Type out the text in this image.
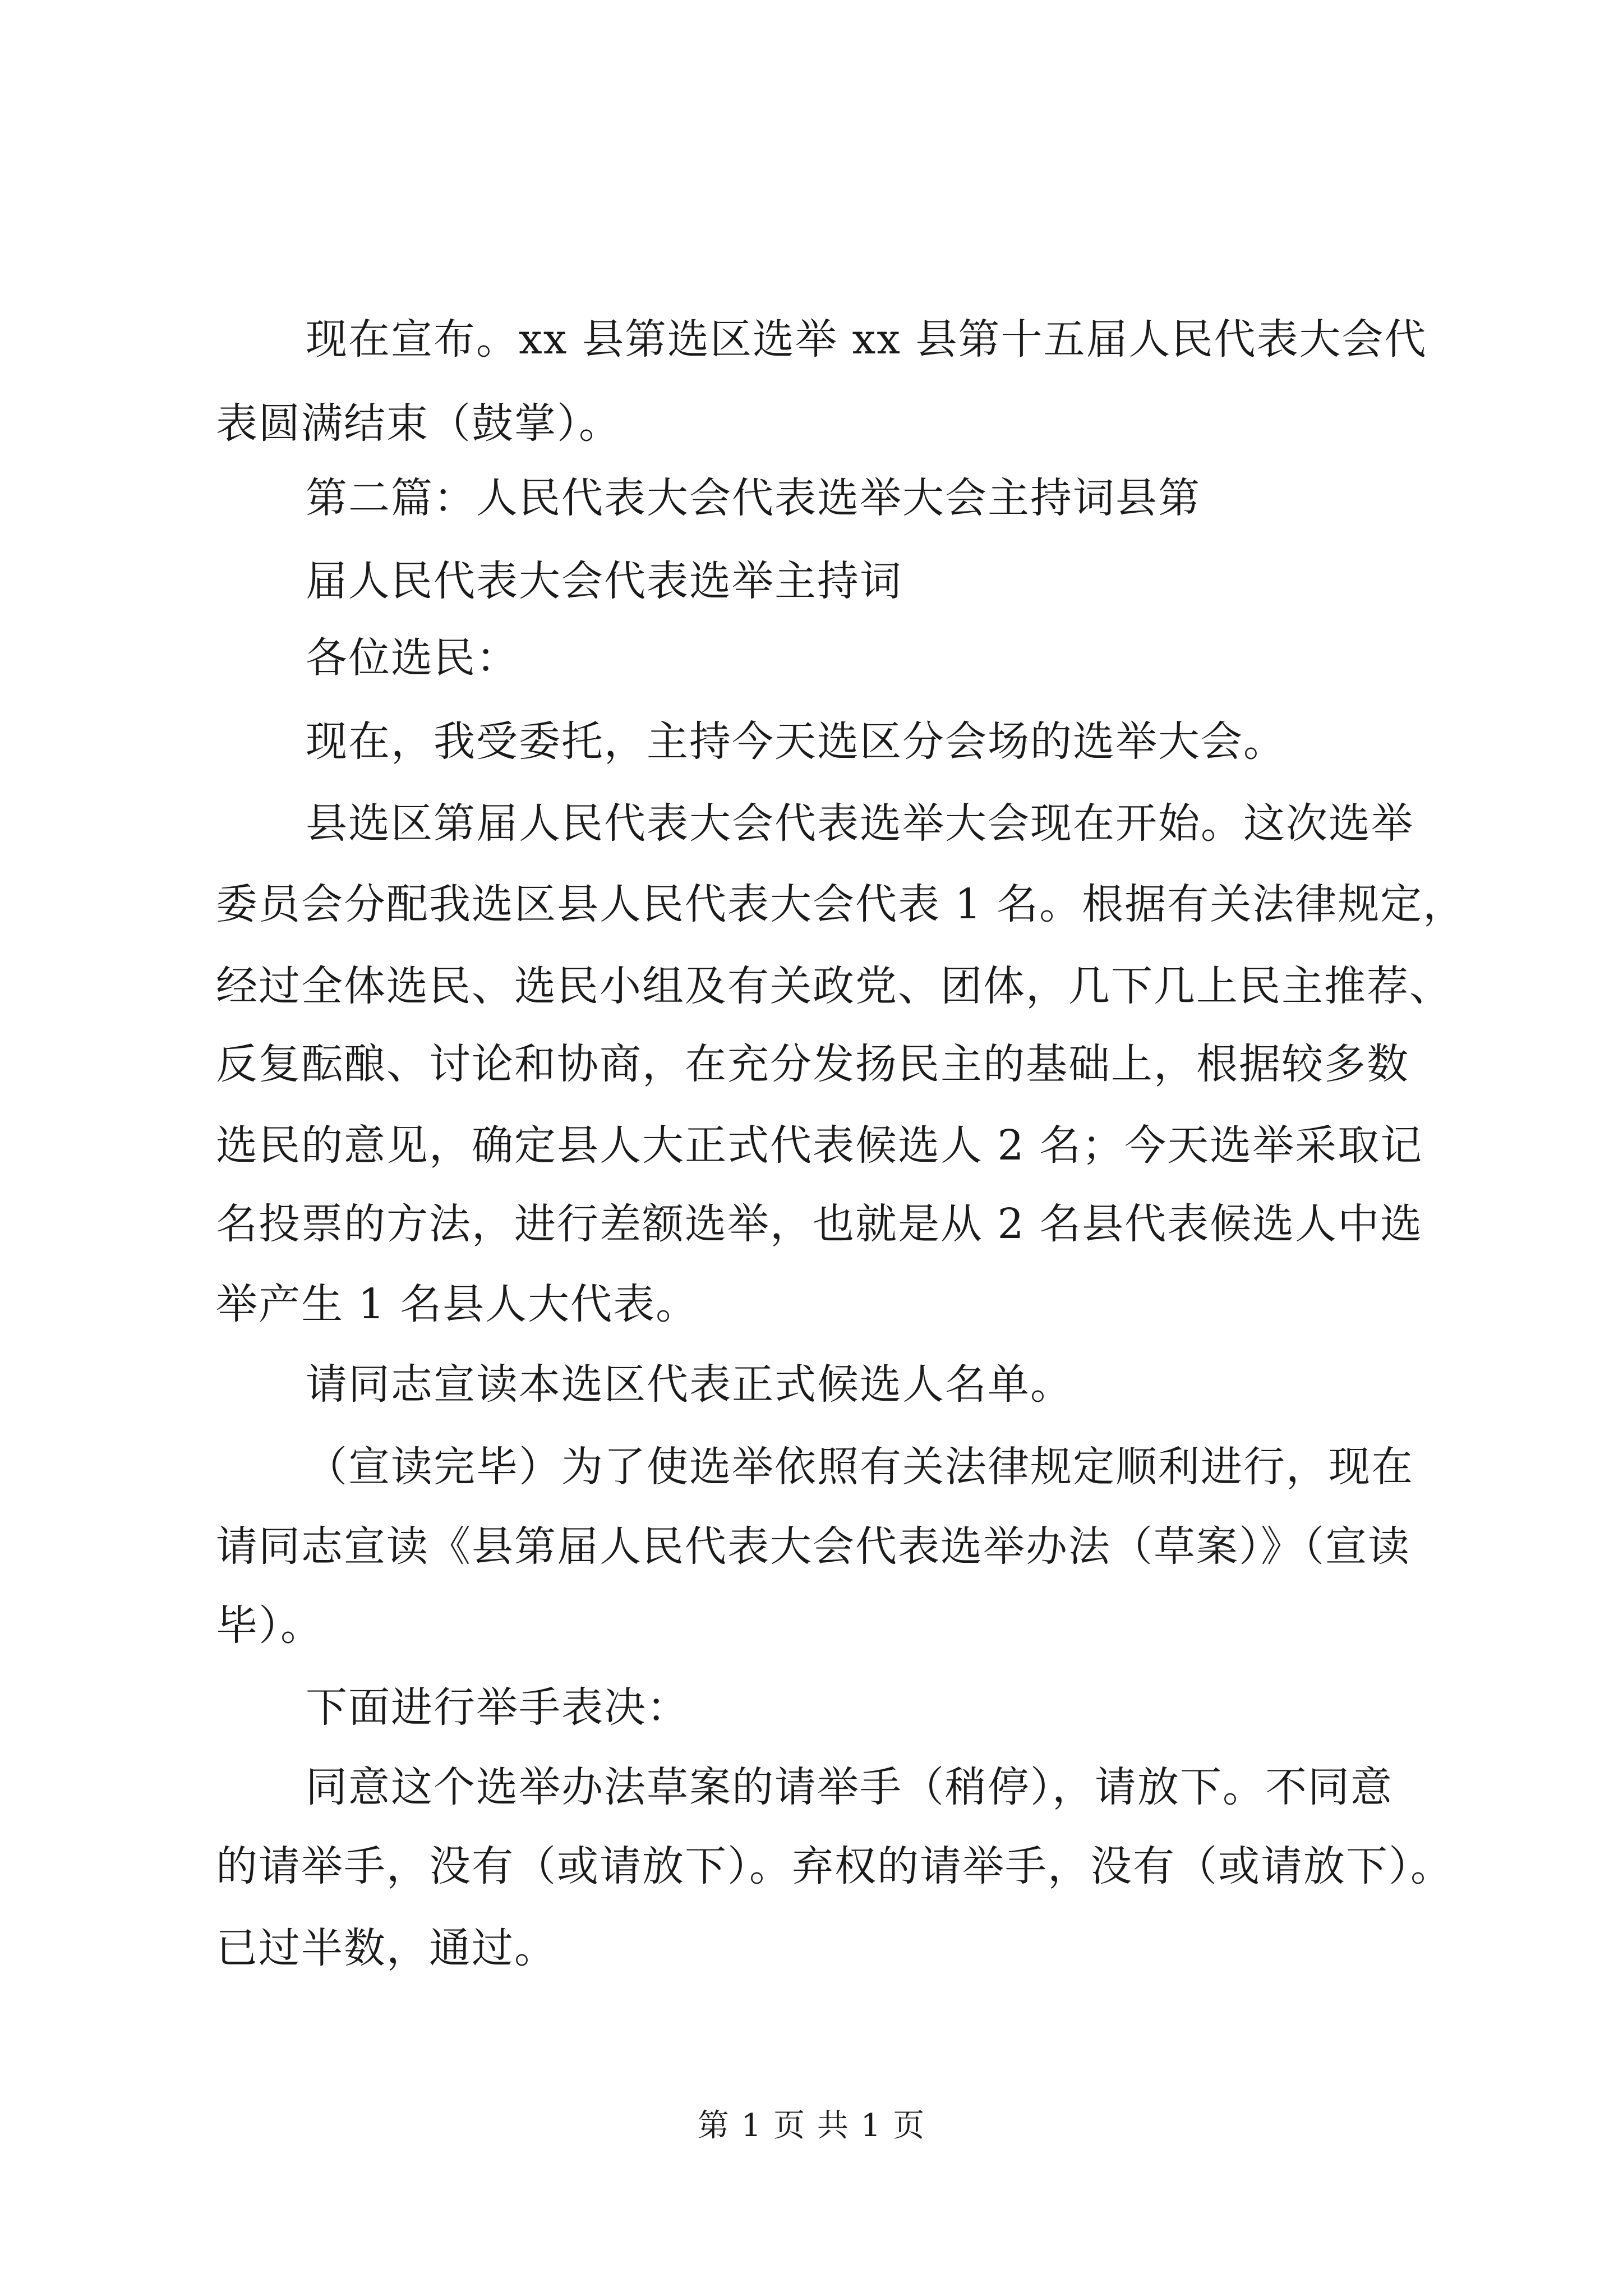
现在宣布。xx 县第选区选举 xx 县第十五届人民代表大会代
表圆满结束（鼓掌）。
第二篇：人民代表大会代表选举大会主持词县第
届人民代表大会代表选举主持词
各位选民：
现在，我受委托，主持今天选区分会场的选举大会。
县选区第届人民代表大会代表选举大会现在开始。这次选举
委员会分配我选区县人民代表大会代表 1 名。根据有关法律规定，
经过全体选民、选民小组及有关政党、团体，几下几上民主推荐、
反复酝酿、讨论和协商，在充分发扬民主的基础上，根据较多数
选民的意见，确定县人大正式代表候选人 2 名；今天选举采取记
名投票的方法，进行差额选举，也就是从 2 名县代表候选人中选
举产生 1 名县人大代表。
请同志宣读本选区代表正式候选人名单。
（宣读完毕）为了使选举依照有关法律规定顺利进行，现在
请同志宣读《县第届人民代表大会代表选举办法（草案）》（宣读
毕）。
下面进行举手表决：
同意这个选举办法草案的请举手（稍停），请放下。不同意
的请举手，没有（或请放下）。弃权的请举手，没有（或请放下）。
已过半数，通过。
第 1 页 共 1 页
